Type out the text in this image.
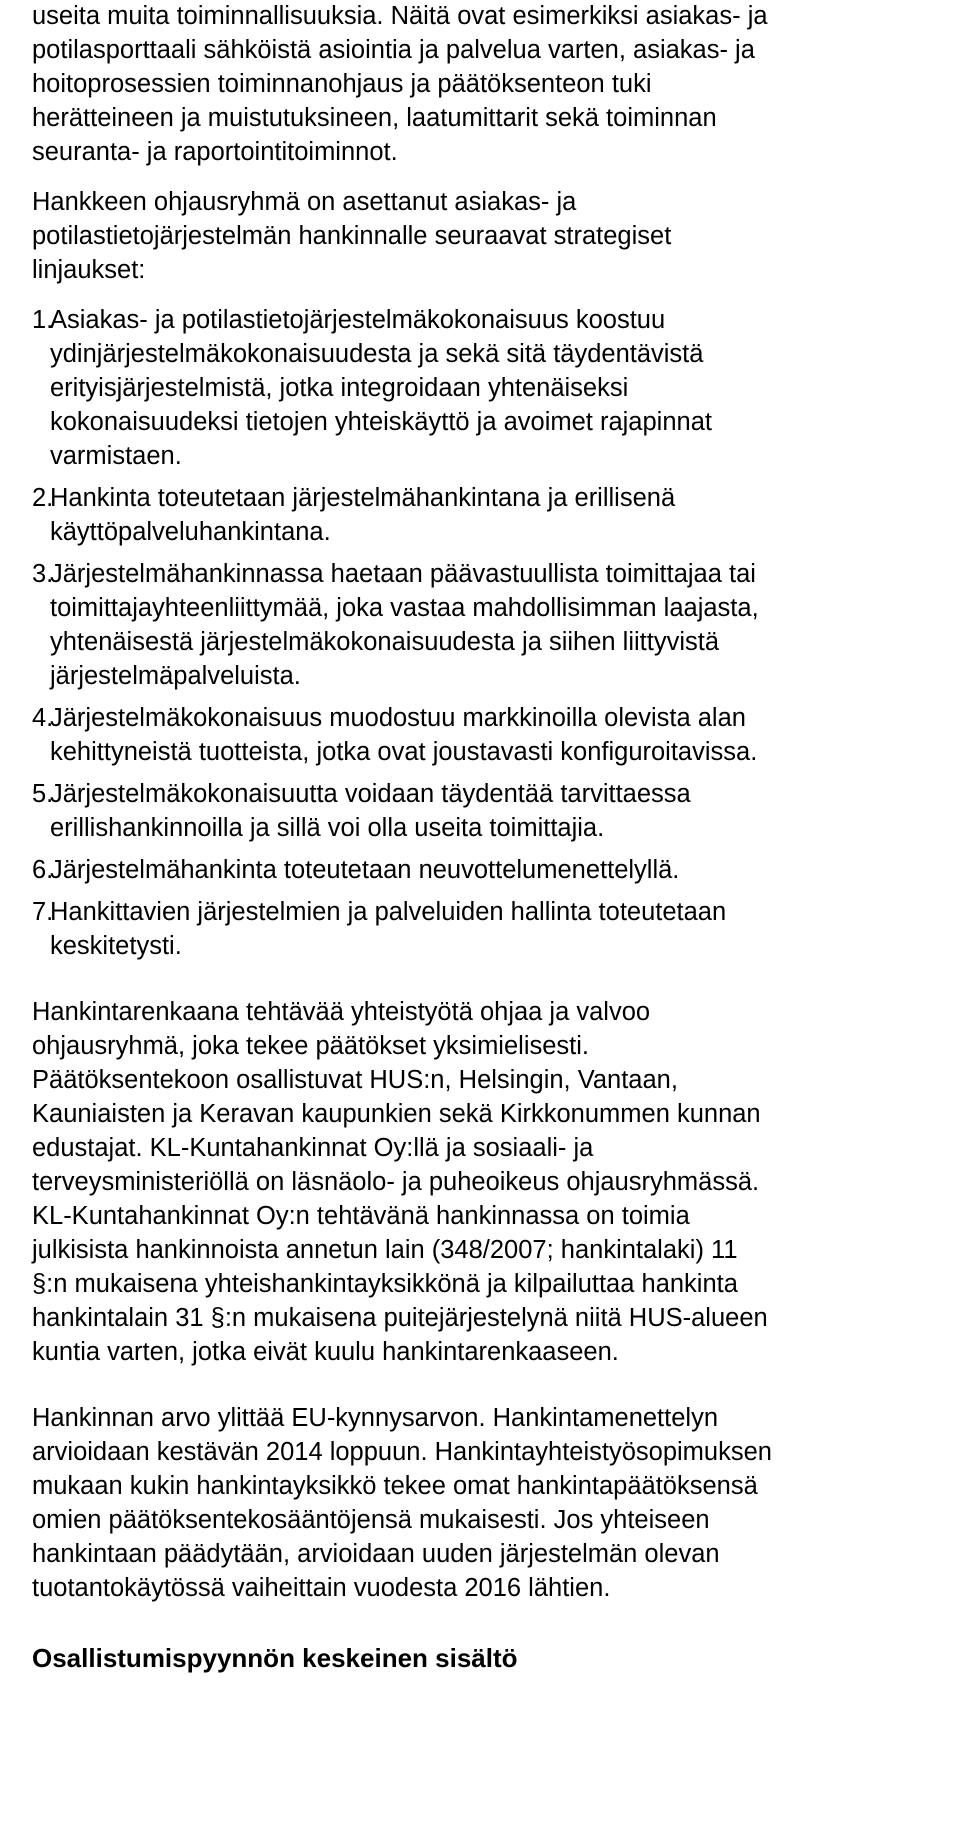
useita muita toiminnallisuuksia. Näitä ovat esimerkiksi asiakas- ja
potilasporttaali sähköistä asiointia ja palvelua varten, asiakas- ja
hoitoprosessien toiminnanohjaus ja päätöksenteon tuki
herätteineen ja muistutuksineen, laatumittarit sekä toiminnan
seuranta- ja raportointitoiminnot.
Hankkeen ohjausryhmä on asettanut asiakas- ja
potilastietojärjestelmän hankinnalle seuraavat strategiset
linjaukset:
1.
Asiakas- ja potilastietojärjestelmäkokonaisuus koostuu
ydinjärjestelmäkokonaisuudesta ja sekä sitä täydentävistä
erityisjärjestelmistä, jotka integroidaan yhtenäiseksi
kokonaisuudeksi tietojen yhteiskäyttö ja avoimet rajapinnat
varmistaen.
2.
Hankinta toteutetaan järjestelmähankintana ja erillisenä
käyttöpalveluhankintana.
3.
Järjestelmähankinnassa haetaan päävastuullista toimittajaa tai
toimittajayhteenliittymää, joka vastaa mahdollisimman laajasta,
yhtenäisestä järjestelmäkokonaisuudesta ja siihen liittyvistä
järjestelmäpalveluista.
4.
Järjestelmäkokonaisuus muodostuu markkinoilla olevista alan
kehittyneistä tuotteista, jotka ovat joustavasti konfiguroitavissa.
5.
Järjestelmäkokonaisuutta voidaan täydentää tarvittaessa
erillishankinnoilla ja sillä voi olla useita toimittajia.
6.
Järjestelmähankinta toteutetaan neuvottelumenettelyllä.
7.
Hankittavien järjestelmien ja palveluiden hallinta toteutetaan
keskitetysti.
Hankintarenkaana tehtävää yhteistyötä ohjaa ja valvoo
ohjausryhmä, joka tekee päätökset yksimielisesti.
Päätöksentekoon osallistuvat HUS:n, Helsingin, Vantaan,
Kauniaisten ja Keravan kaupunkien sekä Kirkkonummen kunnan
edustajat. KL-Kuntahankinnat Oy:llä ja sosiaali- ja
terveysministeriöllä on läsnäolo- ja puheoikeus ohjausryhmässä.
KL-Kuntahankinnat Oy:n tehtävänä hankinnassa on toimia
julkisista hankinnoista annetun lain (348/2007; hankintalaki) 11
§:n mukaisena yhteishankintayksikkönä ja kilpailuttaa hankinta
hankintalain 31 §:n mukaisena puitejärjestelynä niitä HUS-alueen
kuntia varten, jotka eivät kuulu hankintarenkaaseen.
Hankinnan arvo ylittää EU-kynnysarvon. Hankintamenettelyn
arvioidaan kestävän 2014 loppuun. Hankintayhteistyösopimuksen
mukaan kukin hankintayksikkö tekee omat hankintapäätöksensä
omien päätöksentekosääntöjensä mukaisesti. Jos yhteiseen
hankintaan päädytään, arvioidaan uuden järjestelmän olevan
tuotantokäytössä vaiheittain vuodesta 2016 lähtien.
Osallistumispyynnön keskeinen sisältö
